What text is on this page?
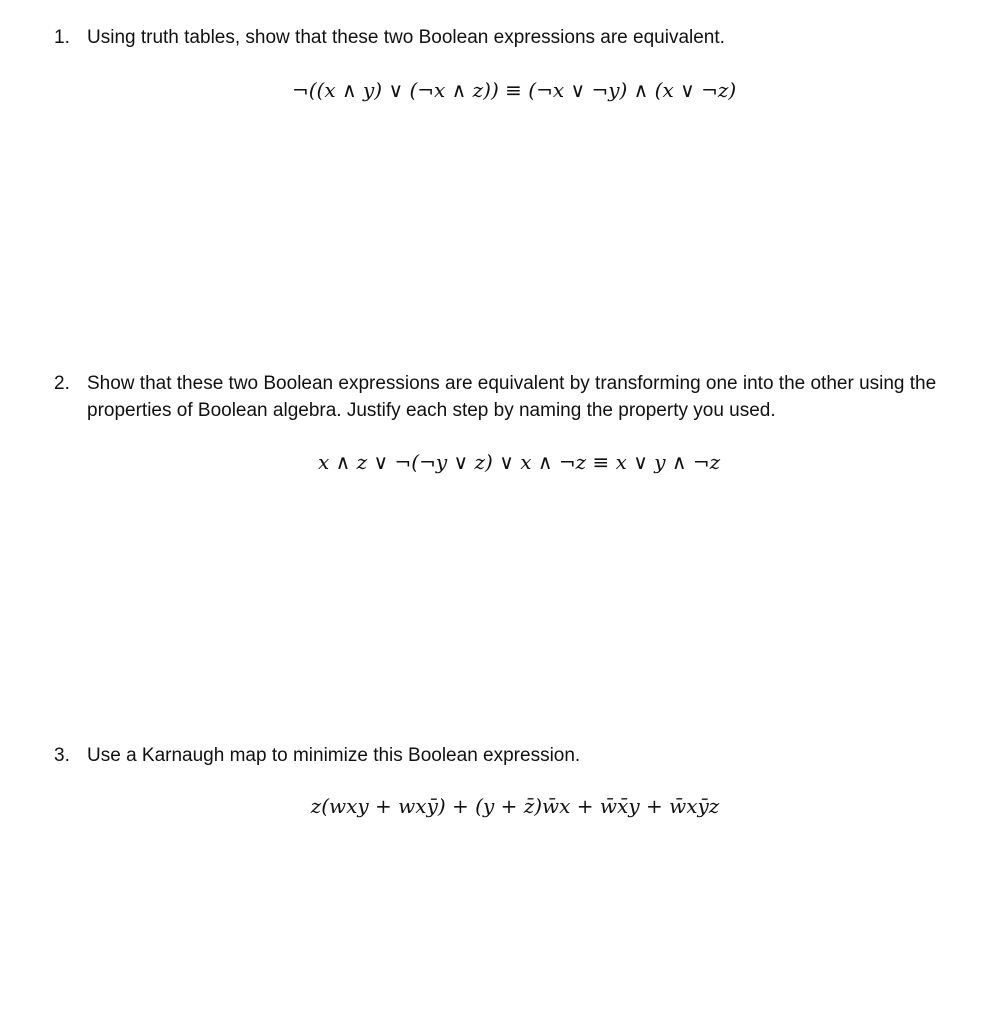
1. Using truth tables, show that these two Boolean expressions are equivalent.
¬((x ∧ y) ∨ (¬x ∧ z)) ≡ (¬x ∨ ¬y) ∧ (x ∨ ¬z)
2. Show that these two Boolean expressions are equivalent by transforming one into the other using the properties of Boolean algebra. Justify each step by naming the property you used.
x ∧ z ∨ ¬(¬y ∨ z) ∨ x ∧ ¬z ≡ x ∨ y ∧ ¬z
3. Use a Karnaugh map to minimize this Boolean expression.
z(wxy + wxȳ) + (y + z̄)w̄x + w̄x̄y + w̄xȳz
